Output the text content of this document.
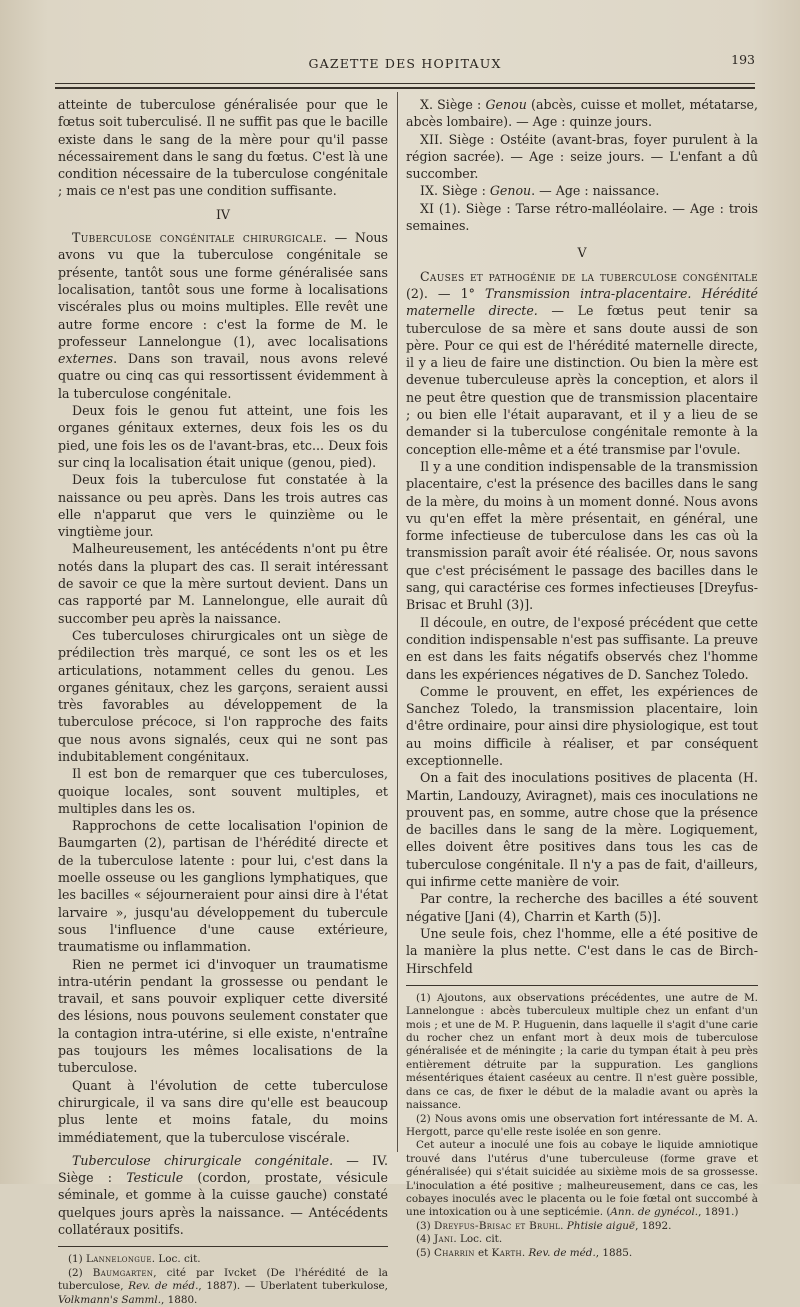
GAZETTE DES HOPITAUX	193

atteinte de tuberculose généralisée pour que le fœtus soit tuberculisé. Il ne suffit pas que le bacille existe dans le sang de la mère pour qu'il passe nécessairement dans le sang du fœtus. C'est là une condition nécessaire de la tuberculose congénitale ; mais ce n'est pas une condition suffisante.

IV

Tuberculose congénitale chirurgicale. — Nous avons vu que la tuberculose congénitale se présente, tantôt sous une forme généralisée sans localisation, tantôt sous une forme à localisations viscérales plus ou moins multiples. Elle revêt une autre forme encore : c'est la forme de M. le professeur Lannelongue (1), avec localisations externes. Dans son travail, nous avons relevé quatre ou cinq cas qui ressortissent évidemment à la tuberculose congénitale.

Deux fois le genou fut atteint, une fois les organes génitaux externes, deux fois les os du pied, une fois les os de l'avant-bras, etc... Deux fois sur cinq la localisation était unique (genou, pied).

Deux fois la tuberculose fut constatée à la naissance ou peu après. Dans les trois autres cas elle n'apparut que vers le quinzième ou le vingtième jour.

Malheureusement, les antécédents n'ont pu être notés dans la plupart des cas. Il serait intéressant de savoir ce que la mère surtout devient. Dans un cas rapporté par M. Lannelongue, elle aurait dû succomber peu après la naissance.

Ces tuberculoses chirurgicales ont un siège de prédilection très marqué, ce sont les os et les articulations, notamment celles du genou. Les organes génitaux, chez les garçons, seraient aussi très favorables au développement de la tuberculose précoce, si l'on rapproche des faits que nous avons signalés, ceux qui ne sont pas indubitablement congénitaux.

Il est bon de remarquer que ces tuberculoses, quoique locales, sont souvent multiples, et multiples dans les os.

Rapprochons de cette localisation l'opinion de Baumgarten (2), partisan de l'hérédité directe et de la tuberculose latente : pour lui, c'est dans la moelle osseuse ou les ganglions lymphatiques, que les bacilles « séjourneraient pour ainsi dire à l'état larvaire », jusqu'au développement du tubercule sous l'influence d'une cause extérieure, traumatisme ou inflammation.

Rien ne permet ici d'invoquer un traumatisme intra-utérin pendant la grossesse ou pendant le travail, et sans pouvoir expliquer cette diversité des lésions, nous pouvons seulement constater que la contagion intra-utérine, si elle existe, n'entraîne pas toujours les mêmes localisations de la tuberculose.

Quant à l'évolution de cette tuberculose chirurgicale, il va sans dire qu'elle est beaucoup plus lente et moins fatale, du moins immédiatement, que la tuberculose viscérale.

Tuberculose chirurgicale congénitale. — IV. Siège : Testicule (cordon, prostate, vésicule séminale, et gomme à la cuisse gauche) constaté quelques jours après la naissance. — Antécédents collatéraux positifs.

(1) Lannelongue. Loc. cit.

(2) Baumgarten, cité par Ivcket (De l'hérédité de la tuberculose, Rev. de méd., 1887). — Uberlatent tuberkulose, Volkmann's Samml., 1880.

X. Siège : Genou (abcès, cuisse et mollet, métatarse, abcès lombaire). — Age : quinze jours.

XII. Siège : Ostéite (avant-bras, foyer purulent à la région sacrée). — Age : seize jours. — L'enfant a dû succomber.

IX. Siège : Genou. — Age : naissance.

XI (1). Siège : Tarse rétro-malléolaire. — Age : trois semaines.

V

Causes et pathogénie de la tuberculose congénitale (2). — 1° Transmission intra-placentaire. Hérédité maternelle directe. — Le fœtus peut tenir sa tuberculose de sa mère et sans doute aussi de son père. Pour ce qui est de l'hérédité maternelle directe, il y a lieu de faire une distinction. Ou bien la mère est devenue tuberculeuse après la conception, et alors il ne peut être question que de transmission placentaire ; ou bien elle l'était auparavant, et il y a lieu de se demander si la tuberculose congénitale remonte à la conception elle-même et a été transmise par l'ovule.

Il y a une condition indispensable de la transmission placentaire, c'est la présence des bacilles dans le sang de la mère, du moins à un moment donné. Nous avons vu qu'en effet la mère présentait, en général, une forme infectieuse de tuberculose dans les cas où la transmission paraît avoir été réalisée. Or, nous savons que c'est précisément le passage des bacilles dans le sang, qui caractérise ces formes infectieuses [Dreyfus-Brisac et Bruhl (3)].

Il découle, en outre, de l'exposé précédent que cette condition indispensable n'est pas suffisante. La preuve en est dans les faits négatifs observés chez l'homme dans les expériences négatives de D. Sanchez Toledo.

Comme le prouvent, en effet, les expériences de Sanchez Toledo, la transmission placentaire, loin d'être ordinaire, pour ainsi dire physiologique, est tout au moins difficile à réaliser, et par conséquent exceptionnelle.

On a fait des inoculations positives de placenta (H. Martin, Landouzy, Aviragnet), mais ces inoculations ne prouvent pas, en somme, autre chose que la présence de bacilles dans le sang de la mère. Logiquement, elles doivent être positives dans tous les cas de tuberculose congénitale. Il n'y a pas de fait, d'ailleurs, qui infirme cette manière de voir.

Par contre, la recherche des bacilles a été souvent négative [Jani (4), Charrin et Karth (5)].

Une seule fois, chez l'homme, elle a été positive de la manière la plus nette. C'est dans le cas de Birch-Hirschfeld

(1) Ajoutons, aux observations précédentes, une autre de M. Lannelongue : abcès tuberculeux multiple chez un enfant d'un mois ; et une de M. P. Huguenin, dans laquelle il s'agit d'une carie du rocher chez un enfant mort à deux mois de tuberculose généralisée et de méningite ; la carie du tympan était à peu près entièrement détruite par la suppuration. Les ganglions mésentériques étaient caséeux au centre. Il n'est guère possible, dans ce cas, de fixer le début de la maladie avant ou après la naissance.

(2) Nous avons omis une observation fort intéressante de M. A. Hergott, parce qu'elle reste isolée en son genre.

Cet auteur a inoculé une fois au cobaye le liquide amniotique trouvé dans l'utérus d'une tuberculeuse (forme grave et généralisée) qui s'était suicidée au sixième mois de sa grossesse. L'inoculation a été positive ; malheureusement, dans ce cas, les cobayes inoculés avec le placenta ou le foie fœtal ont succombé à une intoxication ou à une septicémie. (Ann. de gynécol., 1891.)

(3) Dreyfus-Brisac et Bruhl. Phtisie aiguë, 1892.

(4) Jani. Loc. cit.

(5) Charrin et Karth. Rev. de méd., 1885.
